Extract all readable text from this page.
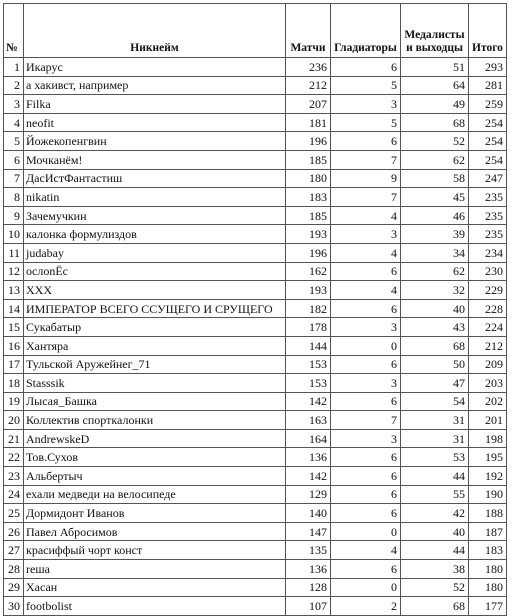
№	Никнейм	Матчи	Гладиаторы	Медалисты и выходцы	Итого
1	Икарус	236	6	51	293
2	а хакивст, например	212	5	64	281
3	Filka	207	3	49	259
4	neofit	181	5	68	254
5	Йожекопенгвин	196	6	52	254
6	Мочканём!	185	7	62	254
7	ДасИстФантастиш	180	9	58	247
8	nikatin	183	7	45	235
9	Зачемучкин	185	4	46	235
10	калонка формулиздов	193	3	39	235
11	judabay	196	4	34	234
12	oслonЁс	162	6	62	230
13	XXX	193	4	32	229
14	ИМПЕРАТОР ВСЕГО ССУЩЕГО И СРУЩЕГО	182	6	40	228
15	Сукабатыр	178	3	43	224
16	Хантяра	144	0	68	212
17	Тульской Аружейнег_71	153	6	50	209
18	Stasssik	153	3	47	203
19	Лысая_Башка	142	6	54	202
20	Коллектив спорткалонки	163	7	31	201
21	AndrewskeD	164	3	31	198
22	Тов.Сухов	136	6	53	195
23	Альбертыч	142	6	44	192
24	ехали медведи на велосипеде	129	6	55	190
25	Дормидонт Иванов	140	6	42	188
26	Павел Абросимов	147	0	40	187
27	красиффый чорт конст	135	4	44	183
28	reша	136	6	38	180
29	Хасан	128	0	52	180
30	footbolist	107	2	68	177
